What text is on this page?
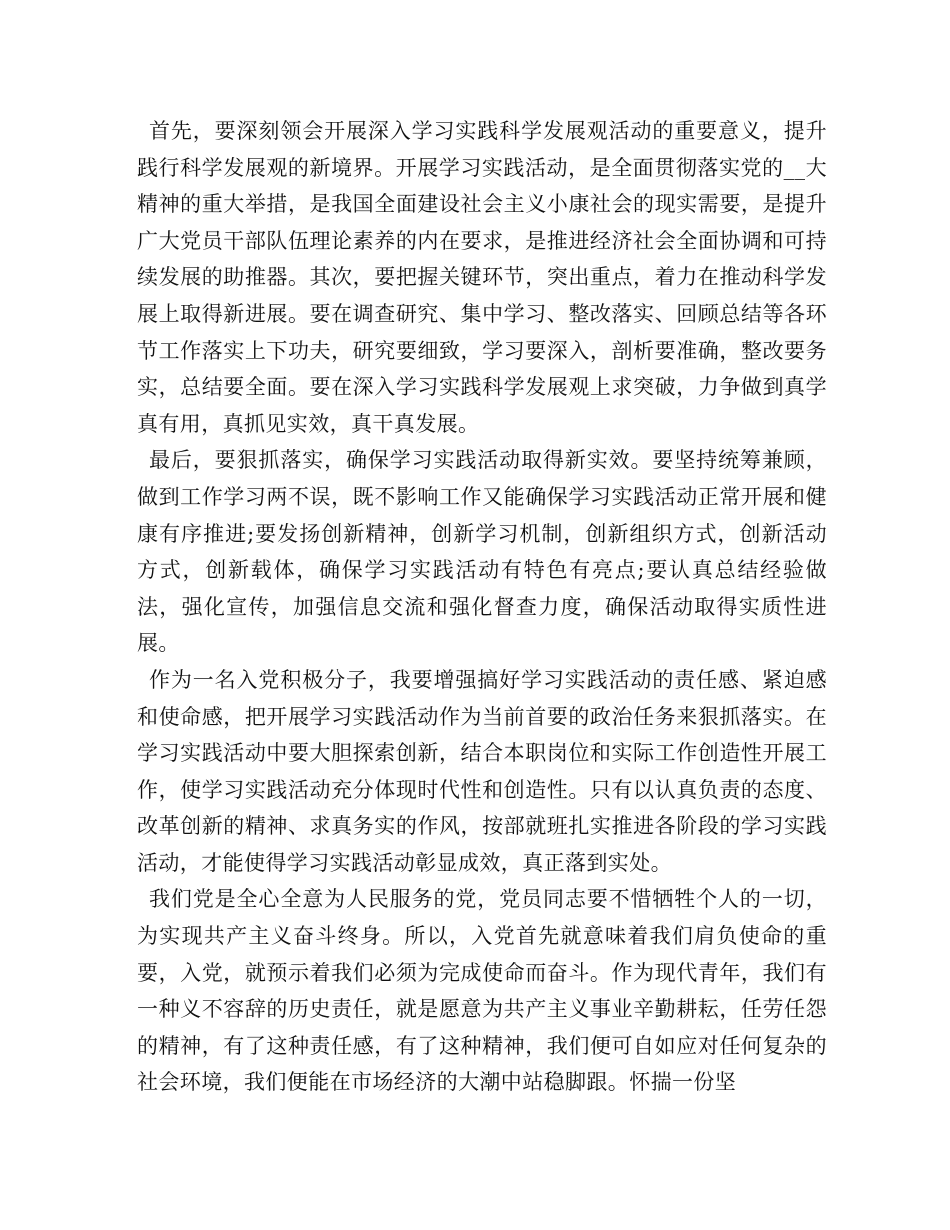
首先，要深刻领会开展深入学习实践科学发展观活动的重要意义，提升践行科学发展观的新境界。开展学习实践活动，是全面贯彻落实党的__大精神的重大举措，是我国全面建设社会主义小康社会的现实需要，是提升广大党员干部队伍理论素养的内在要求，是推进经济社会全面协调和可持续发展的助推器。其次，要把握关键环节，突出重点，着力在推动科学发展上取得新进展。要在调查研究、集中学习、整改落实、回顾总结等各环节工作落实上下功夫，研究要细致，学习要深入，剖析要准确，整改要务实，总结要全面。要在深入学习实践科学发展观上求突破，力争做到真学真有用，真抓见实效，真干真发展。

最后，要狠抓落实，确保学习实践活动取得新实效。要坚持统筹兼顾，做到工作学习两不误，既不影响工作又能确保学习实践活动正常开展和健康有序推进;要发扬创新精神，创新学习机制，创新组织方式，创新活动方式，创新载体，确保学习实践活动有特色有亮点;要认真总结经验做法，强化宣传，加强信息交流和强化督查力度，确保活动取得实质性进展。

作为一名入党积极分子，我要增强搞好学习实践活动的责任感、紧迫感和使命感，把开展学习实践活动作为当前首要的政治任务来狠抓落实。在学习实践活动中要大胆探索创新，结合本职岗位和实际工作创造性开展工作，使学习实践活动充分体现时代性和创造性。只有以认真负责的态度、改革创新的精神、求真务实的作风，按部就班扎实推进各阶段的学习实践活动，才能使得学习实践活动彰显成效，真正落到实处。

我们党是全心全意为人民服务的党，党员同志要不惜牺牲个人的一切，为实现共产主义奋斗终身。所以，入党首先就意味着我们肩负使命的重要，入党，就预示着我们必须为完成使命而奋斗。作为现代青年，我们有一种义不容辞的历史责任，就是愿意为共产主义事业辛勤耕耘，任劳任怨的精神，有了这种责任感，有了这种精神，我们便可自如应对任何复杂的社会环境，我们便能在市场经济的大潮中站稳脚跟。怀揣一份坚
